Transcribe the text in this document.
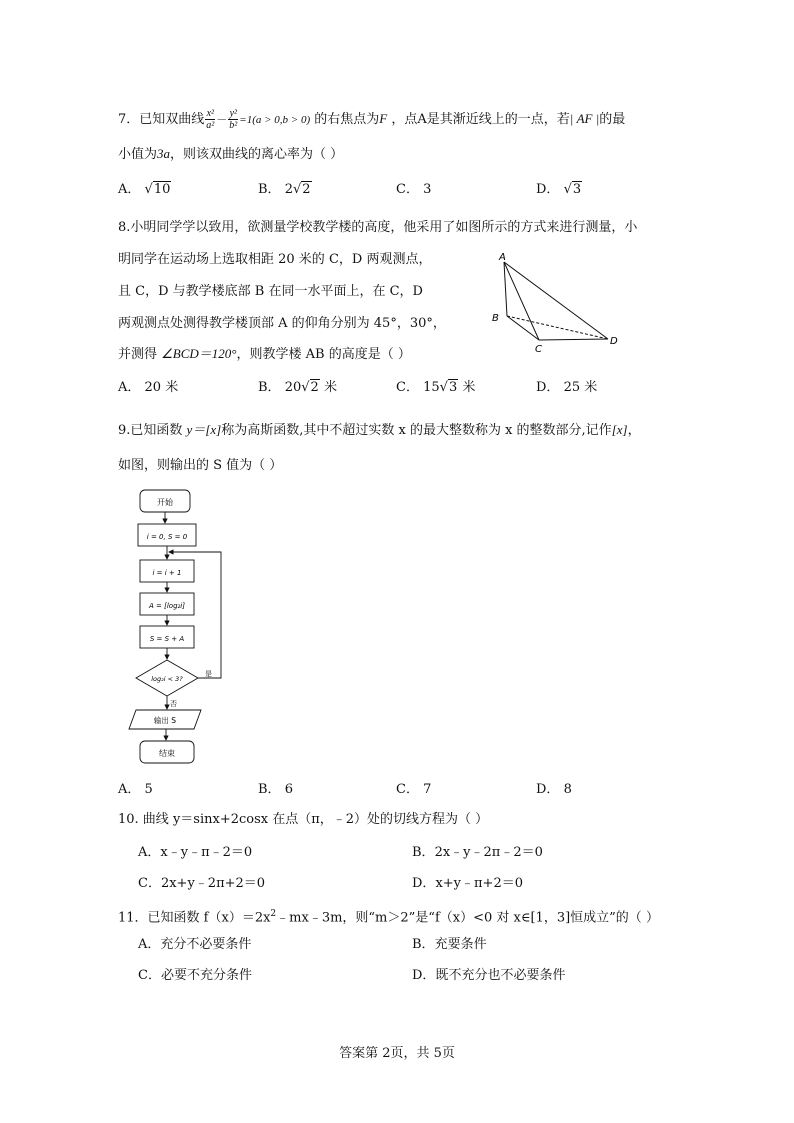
7．已知双曲线 $\frac{\text{x²}}{\text{a²}} - \frac{\text{y²}}{\text{b²}} =1(a > 0,b > 0)$ 的右焦点为F ，点A是其渐近线上的一点，若| AF |的最
小值为3a，则该双曲线的离心率为（ ）
A． √10	B． 2√2	C． 3	D． √3
8.小明同学学以致用，欲测量学校教学楼的高度，他采用了如图所示的方式来进行测量，小
明同学在运动场上选取相距 20 米的 C，D 两观测点，
且 C，D 与教学楼底部 B 在同一水平面上，在 C，D
两观测点处测得教学楼顶部 A 的仰角分别为 45°，30°，
并测得 ∠BCD＝120°，则教学楼 AB 的高度是（ ）
A
B
C
D
A． 20 米	B． 20√2 米	C． 15√3 米	D． 25 米
9.已知函数 y＝[x]称为高斯函数,其中不超过实数 x 的最大整数称为 x 的整数部分,记作[x]，
如图，则输出的 S 值为（ ）
开始
i = 0, S = 0
i = i + 1
A = [log₂i]
S = S + A
log₂i < 3?
是
否
输出 S
结束
A． 5	B． 6	C． 7	D． 8
10. 曲线 y＝sinx+2cosx 在点（π，﹣2）处的切线方程为（ ）
A．x﹣y﹣π﹣2＝0	B．2x﹣y﹣2π﹣2＝0
C．2x+y﹣2π+2＝0	D．x+y﹣π+2＝0
11．已知函数 $f(x)=2x^2﹣mx﹣3m$，则“m＞2”是“f（x）<0 对 x∈[1，3]恒成立”的（ ）
A．充分不必要条件	B．充要条件
C．必要不充分条件	D．既不充分也不必要条件
答案第 2页，共 5页
